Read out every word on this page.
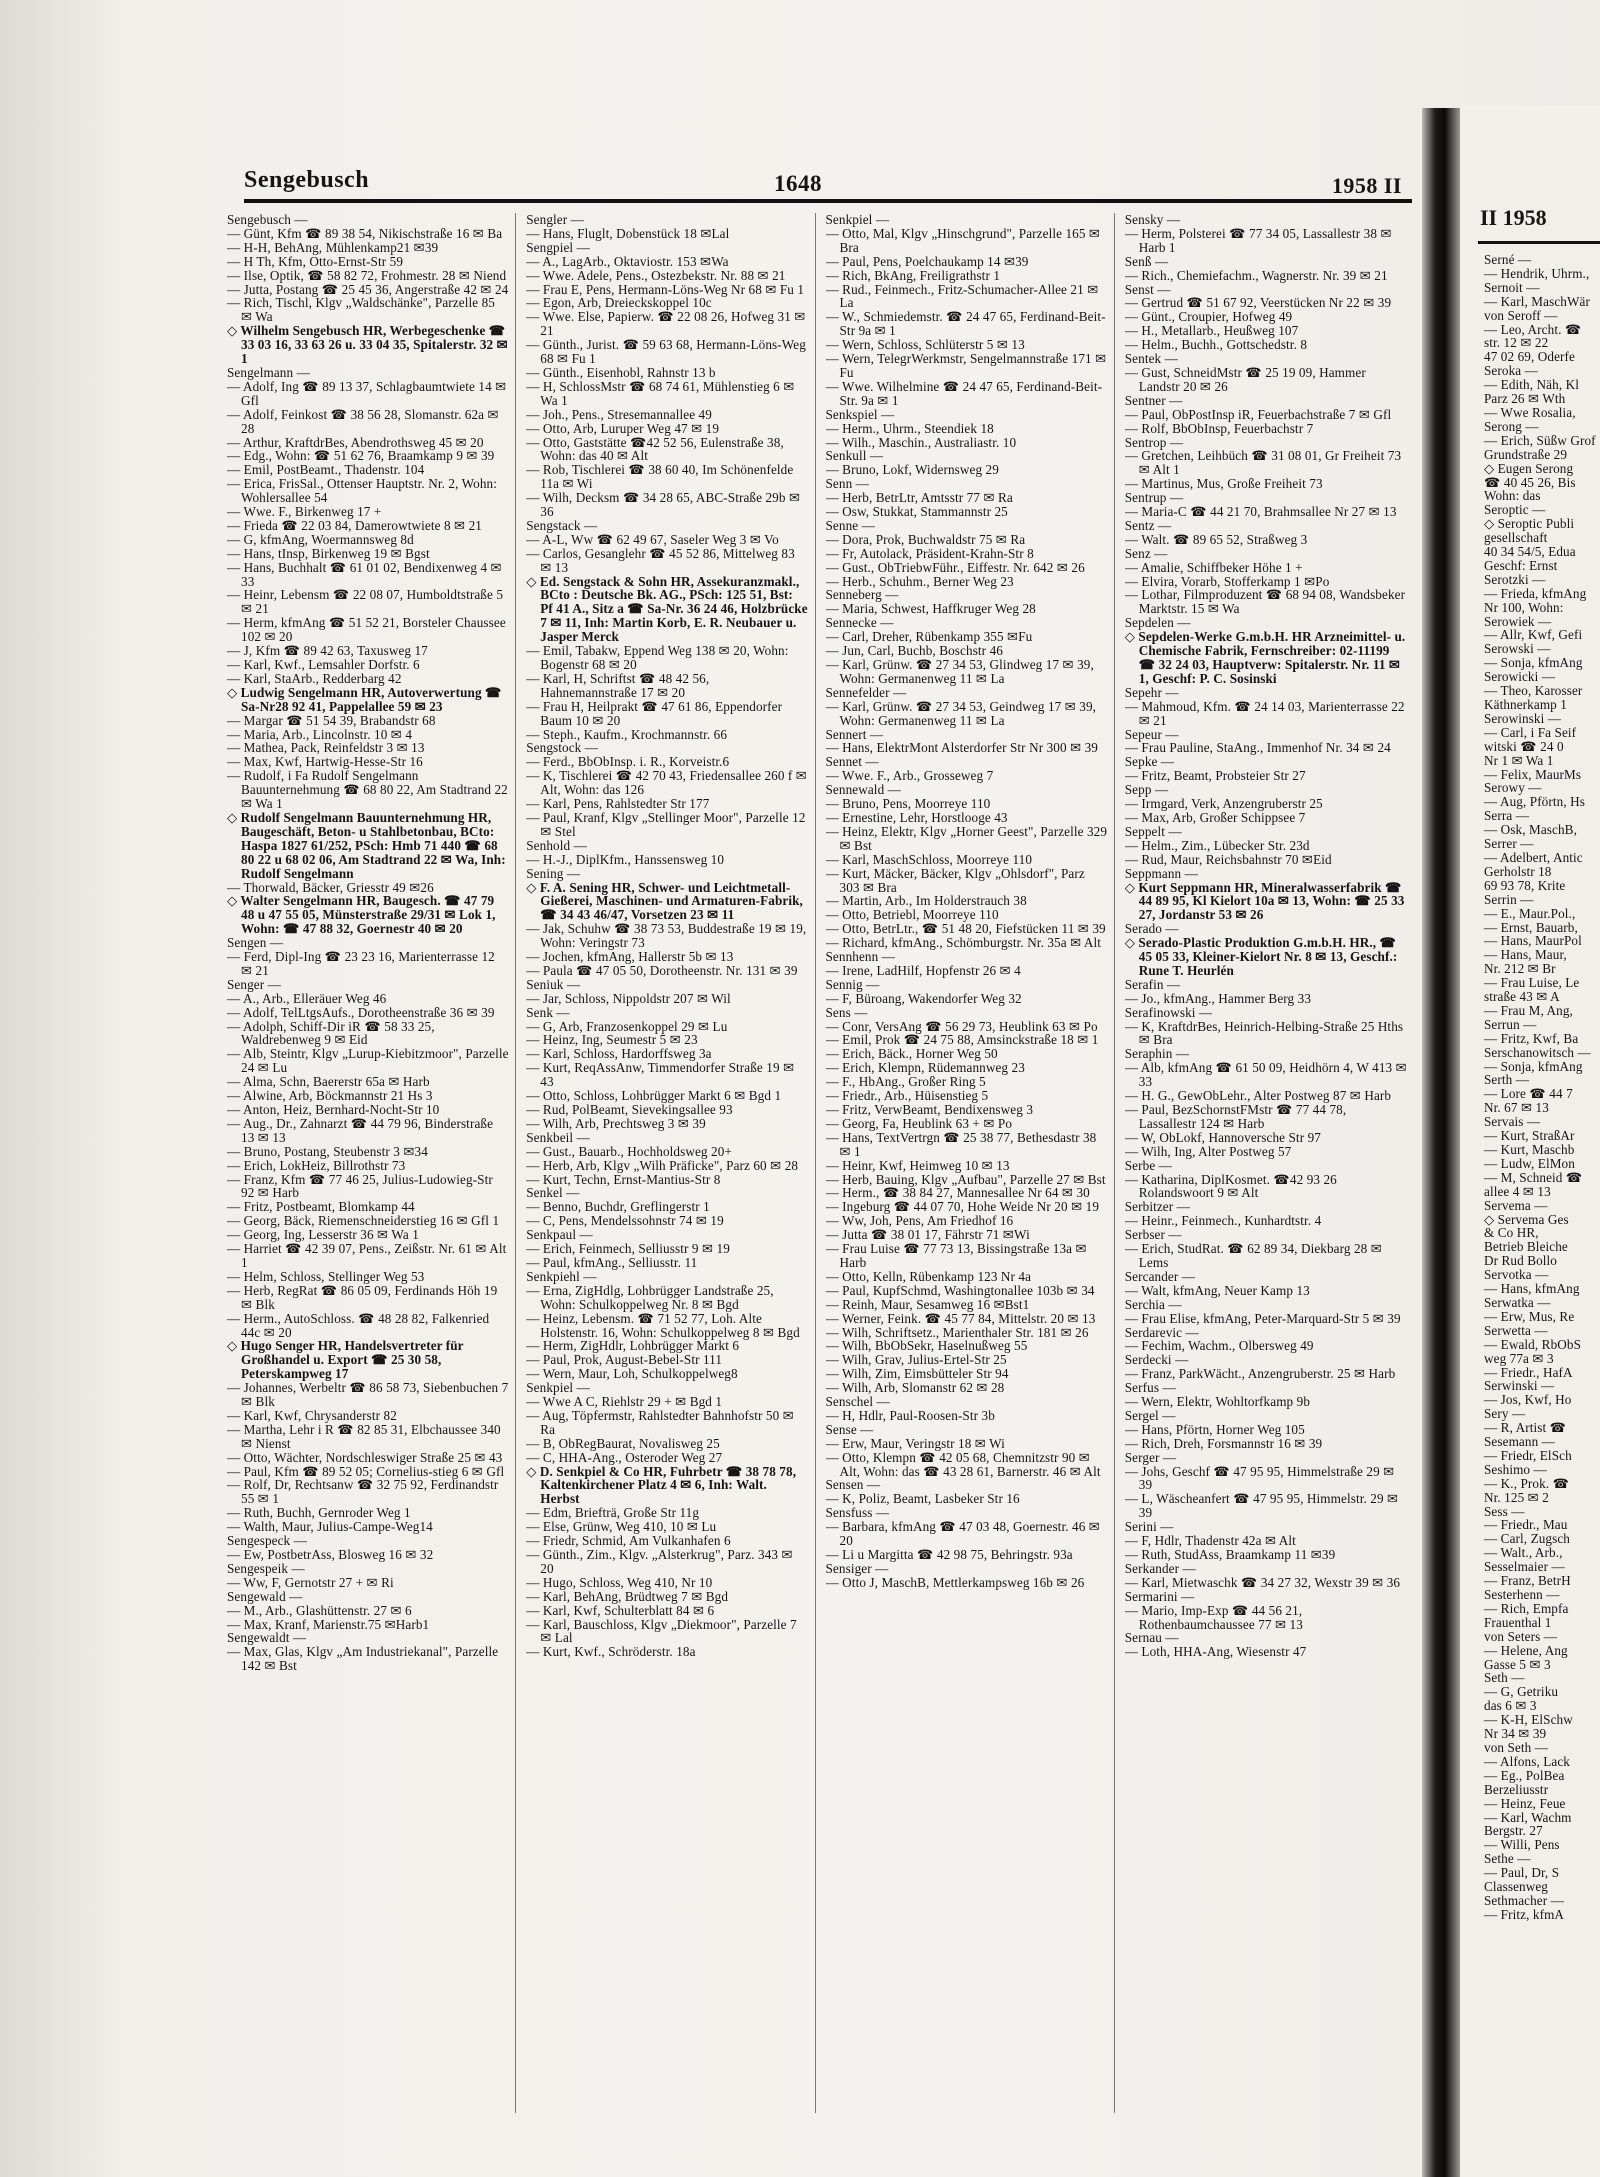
Sengebusch	1648	1958 II
Sengebusch —
— Günt, Kfm ☎ 89 38 54, Nikischstraße 16 ✉ Ba
— H-H, BehAng, Mühlenkamp21 ✉39
— H Th, Kfm, Otto-Ernst-Str 59
— Ilse, Optik, ☎ 58 82 72, Frohmestr. 28 ✉ Niend
— Jutta, Postang ☎ 25 45 36, Angerstraße 42 ✉ 24
— Rich, Tischl, Klgv „Waldschänke", Parzelle 85 ✉ Wa
◇ Wilhelm Sengebusch HR, Werbegeschenke ☎ 33 03 16, 33 63 26 u. 33 04 35, Spitalerstr. 32 ✉ 1
Sengelmann —
— Adolf, Ing ☎ 89 13 37, Schlagbaumtwiete 14 ✉ Gfl
— Adolf, Feinkost ☎ 38 56 28, Slomanstr. 62a ✉ 28
— Arthur, KraftdrBes, Abendrothsweg 45 ✉ 20
— Edg., Wohn: ☎ 51 62 76, Braamkamp 9 ✉ 39
— Emil, PostBeamt., Thadenstr. 104
— Erica, FrisSal., Ottenser Hauptstr. Nr. 2, Wohn: Wohlersallee 54
— Wwe. F., Birkenweg 17 +
— Frieda ☎ 22 03 84, Damerowtwiete 8 ✉ 21
— G, kfmAng, Woermannsweg 8d
— Hans, tInsp, Birkenweg 19 ✉ Bgst
— Hans, Buchhalt ☎ 61 01 02, Bendixenweg 4 ✉ 33
— Heinr, Lebensm ☎ 22 08 07, Humboldtstraße 5 ✉ 21
— Herm, kfmAng ☎ 51 52 21, Borsteler Chaussee 102 ✉ 20
— J, Kfm ☎ 89 42 63, Taxusweg 17
— Karl, Kwf., Lemsahler Dorfstr. 6
— Karl, StaArb., Redderbarg 42
◇ Ludwig Sengelmann HR, Autoverwertung ☎ Sa-Nr28 92 41, Pappelallee 59 ✉ 23
— Margar ☎ 51 54 39, Brabandstr 68
— Maria, Arb., Lincolnstr. 10 ✉ 4
— Mathea, Pack, Reinfeldstr 3 ✉ 13
— Max, Kwf, Hartwig-Hesse-Str 16
— Rudolf, i Fa Rudolf Sengelmann Bauunternehmung ☎ 68 80 22, Am Stadtrand 22 ✉ Wa 1
◇ Rudolf Sengelmann Bauunternehmung HR, Baugeschäft, Beton- u Stahlbetonbau, BCto: Haspa 1827 61/252, PSch: Hmb 71 440 ☎ 68 80 22 u 68 02 06, Am Stadtrand 22 ✉ Wa, Inh: Rudolf Sengelmann
— Thorwald, Bäcker, Griesstr 49 ✉26
◇ Walter Sengelmann HR, Baugesch. ☎ 47 79 48 u 47 55 05, Münsterstraße 29/31 ✉ Lok 1, Wohn: ☎ 47 88 32, Goernestr 40 ✉ 20
Sengen —
— Ferd, Dipl-Ing ☎ 23 23 16, Marienterrasse 12 ✉ 21
Senger —
— A., Arb., Elleräuer Weg 46
— Adolf, TelLtgsAufs., Dorotheenstraße 36 ✉ 39
— Adolph, Schiff-Dir iR ☎ 58 33 25, Waldrebenweg 9 ✉ Eid
— Alb, Steintr, Klgv „Lurup-Kiebitzmoor", Parzelle 24 ✉ Lu
— Alma, Schn, Baererstr 65a ✉ Harb
— Alwine, Arb, Böckmannstr 21 Hs 3
— Anton, Heiz, Bernhard-Nocht-Str 10
— Aug., Dr., Zahnarzt ☎ 44 79 96, Binderstraße 13 ✉ 13
— Bruno, Postang, Steubenstr 3 ✉34
— Erich, LokHeiz, Billrothstr 73
— Franz, Kfm ☎ 77 46 25, Julius-Ludowieg-Str 92 ✉ Harb
— Fritz, Postbeamt, Blomkamp 44
— Georg, Bäck, Riemenschneiderstieg 16 ✉ Gfl 1
— Georg, Ing, Lesserstr 36 ✉ Wa 1
— Harriet ☎ 42 39 07, Pens., Zeißstr. Nr. 61 ✉ Alt 1
— Helm, Schloss, Stellinger Weg 53
— Herb, RegRat ☎ 86 05 09, Ferdinands Höh 19 ✉ Blk
— Herm., AutoSchloss. ☎ 48 28 82, Falkenried 44c ✉ 20
◇ Hugo Senger HR, Handelsvertreter für Großhandel u. Export ☎ 25 30 58, Peterskampweg 17
— Johannes, Werbeltr ☎ 86 58 73, Siebenbuchen 7 ✉ Blk
— Karl, Kwf, Chrysanderstr 82
— Martha, Lehr i R ☎ 82 85 31, Elbchaussee 340 ✉ Nienst
— Otto, Wächter, Nordschleswiger Straße 25 ✉ 43
— Paul, Kfm ☎ 89 52 05; Cornelius-stieg 6 ✉ Gfl
— Rolf, Dr, Rechtsanw ☎ 32 75 92, Ferdinandstr 55 ✉ 1
— Ruth, Buchh, Gernroder Weg 1
— Walth, Maur, Julius-Campe-Weg14
Sengespeck —
— Ew, PostbetrAss, Blosweg 16 ✉ 32
Sengespeik —
— Ww, F, Gernotstr 27 + ✉ Ri
Sengewald —
— M., Arb., Glashüttenstr. 27 ✉ 6
— Max, Kranf, Marienstr.75 ✉Harb1
Sengewaldt —
— Max, Glas, Klgv „Am Industriekanal", Parzelle 142 ✉ Bst
Sengler —
— Hans, Fluglt, Dobenstück 18 ✉Lal
Sengpiel —
— A., LagArb., Oktaviostr. 153 ✉Wa
— Wwe. Adele, Pens., Ostezbekstr. Nr. 88 ✉ 21
— Frau E, Pens, Hermann-Löns-Weg Nr 68 ✉ Fu 1
— Egon, Arb, Dreieckskoppel 10c
— Wwe. Else, Papierw. ☎ 22 08 26, Hofweg 31 ✉ 21
— Günth., Jurist. ☎ 59 63 68, Hermann-Löns-Weg 68 ✉ Fu 1
— Günth., Eisenhobl, Rahnstr 13 b
— H, SchlossMstr ☎ 68 74 61, Mühlenstieg 6 ✉ Wa 1
— Joh., Pens., Stresemannallee 49
— Otto, Arb, Luruper Weg 47 ✉ 19
— Otto, Gaststätte ☎42 52 56, Eulenstraße 38, Wohn: das 40 ✉ Alt
— Rob, Tischlerei ☎ 38 60 40, Im Schönenfelde 11a ✉ Wi
— Wilh, Decksm ☎ 34 28 65, ABC-Straße 29b ✉ 36
Sengstack —
— A-L, Ww ☎ 62 49 67, Saseler Weg 3 ✉ Vo
— Carlos, Gesanglehr ☎ 45 52 86, Mittelweg 83 ✉ 13
◇ Ed. Sengstack & Sohn HR, Assekuranzmakl., BCto : Deutsche Bk. AG., PSch: 125 51, Bst: Pf 41 A., Sitz a ☎ Sa-Nr. 36 24 46, Holzbrücke 7 ✉ 11, Inh: Martin Korb, E. R. Neubauer u. Jasper Merck
— Emil, Tabakw, Eppend Weg 138 ✉ 20, Wohn: Bogenstr 68 ✉ 20
— Karl, H, Schriftst ☎ 48 42 56, Hahnemannstraße 17 ✉ 20
— Frau H, Heilprakt ☎ 47 61 86, Eppendorfer Baum 10 ✉ 20
— Steph., Kaufm., Krochmannstr. 66
Sengstock —
— Ferd., BbObInsp. i. R., Korveistr.6
— K, Tischlerei ☎ 42 70 43, Friedensallee 260 f ✉ Alt, Wohn: das 126
— Karl, Pens, Rahlstedter Str 177
— Paul, Kranf, Klgv „Stellinger Moor", Parzelle 12 ✉ Stel
Senhold —
— H.-J., DiplKfm., Hanssensweg 10
Sening —
◇ F. A. Sening HR, Schwer- und Leichtmetall-Gießerei, Maschinen- und Armaturen-Fabrik, ☎ 34 43 46/47, Vorsetzen 23 ✉ 11
— Jak, Schuhw ☎ 38 73 53, Buddestraße 19 ✉ 19, Wohn: Veringstr 73
— Jochen, kfmAng, Hallerstr 5b ✉ 13
— Paula ☎ 47 05 50, Dorotheenstr. Nr. 131 ✉ 39
Seniuk —
— Jar, Schloss, Nippoldstr 207 ✉ Wil
Senk —
— G, Arb, Franzosenkoppel 29 ✉ Lu
— Heinz, Ing, Seumestr 5 ✉ 23
— Karl, Schloss, Hardorffsweg 3a
— Kurt, ReqAssAnw, Timmendorfer Straße 19 ✉ 43
— Otto, Schloss, Lohbrügger Markt 6 ✉ Bgd 1
— Rud, PolBeamt, Sievekingsallee 93
— Wilh, Arb, Prechtsweg 3 ✉ 39
Senkbeil —
— Gust., Bauarb., Hochholdsweg 20+
— Herb, Arb, Klgv „Wilh Präficke", Parz 60 ✉ 28
— Kurt, Techn, Ernst-Mantius-Str 8
Senkel —
— Benno, Buchdr, Greflingerstr 1
— C, Pens, Mendelssohnstr 74 ✉ 19
Senkpaul —
— Erich, Feinmech, Selliusstr 9 ✉ 19
— Paul, kfmAng., Selliusstr. 11
Senkpiehl —
— Erna, ZigHdlg, Lohbrügger Landstraße 25, Wohn: Schulkoppelweg Nr. 8 ✉ Bgd
— Heinz, Lebensm. ☎ 71 52 77, Loh. Alte Holstenstr. 16, Wohn: Schulkoppelweg 8 ✉ Bgd
— Herm, ZigHdlr, Lohbrügger Markt 6
— Paul, Prok, August-Bebel-Str 111
— Wern, Maur, Loh, Schulkoppelweg8
Senkpiel —
— Wwe A C, Riehlstr 29 + ✉ Bgd 1
— Aug, Töpfermstr, Rahlstedter Bahnhofstr 50 ✉ Ra
— B, ObRegBaurat, Novalisweg 25
— C, HHA-Ang., Osteroder Weg 27
◇ D. Senkpiel & Co HR, Fuhrbetr ☎ 38 78 78, Kaltenkirchener Platz 4 ✉ 6, Inh: Walt. Herbst
— Edm, Briefträ, Große Str 11g
— Else, Grünw, Weg 410, 10 ✉ Lu
— Friedr, Schmid, Am Vulkanhafen 6
— Günth., Zim., Klgv. „Alsterkrug", Parz. 343 ✉ 20
— Hugo, Schloss, Weg 410, Nr 10
— Karl, BehAng, Brüdtweg 7 ✉ Bgd
— Karl, Kwf, Schulterblatt 84 ✉ 6
— Karl, Bauschloss, Klgv „Diekmoor", Parzelle 7 ✉ Lal
— Kurt, Kwf., Schröderstr. 18a
Senkpiel —
— Otto, Mal, Klgv „Hinschgrund", Parzelle 165 ✉ Bra
— Paul, Pens, Poelchaukamp 14 ✉39
— Rich, BkAng, Freiligrathstr 1
— Rud., Feinmech., Fritz-Schumacher-Allee 21 ✉ La
— W., Schmiedemstr. ☎ 24 47 65, Ferdinand-Beit-Str 9a ✉ 1
— Wern, Schloss, Schlüterstr 5 ✉ 13
— Wern, TelegrWerkmstr, Sengelmannstraße 171 ✉ Fu
— Wwe. Wilhelmine ☎ 24 47 65, Ferdinand-Beit-Str. 9a ✉ 1
Senkspiel —
— Herm., Uhrm., Steendiek 18
— Wilh., Maschin., Australiastr. 10
Senkull —
— Bruno, Lokf, Widernsweg 29
Senn —
— Herb, BetrLtr, Amtsstr 77 ✉ Ra
— Osw, Stukkat, Stammannstr 25
Senne —
— Dora, Prok, Buchwaldstr 75 ✉ Ra
— Fr, Autolack, Präsident-Krahn-Str 8
— Gust., ObTriebwFühr., Eiffestr. Nr. 642 ✉ 26
— Herb., Schuhm., Berner Weg 23
Senneberg —
— Maria, Schwest, Haffkruger Weg 28
Sennecke —
— Carl, Dreher, Rübenkamp 355 ✉Fu
— Jun, Carl, Buchb, Boschstr 46
— Karl, Grünw. ☎ 27 34 53, Glindweg 17 ✉ 39, Wohn: Germanenweg 11 ✉ La
Sennefelder —
— Karl, Grünw. ☎ 27 34 53, Geindweg 17 ✉ 39, Wohn: Germanenweg 11 ✉ La
Sennert —
— Hans, ElektrMont Alsterdorfer Str Nr 300 ✉ 39
Sennet —
— Wwe. F., Arb., Grosseweg 7
Sennewald —
— Bruno, Pens, Moorreye 110
— Ernestine, Lehr, Horstlooge 43
— Heinz, Elektr, Klgv „Horner Geest", Parzelle 329 ✉ Bst
— Karl, MaschSchloss, Moorreye 110
— Kurt, Mäcker, Bäcker, Klgv „Ohlsdorf", Parz 303 ✉ Bra
— Martin, Arb., Im Holderstrauch 38
— Otto, Betriebl, Moorreye 110
— Otto, BetrLtr., ☎ 51 48 20, Fiefstücken 11 ✉ 39
— Richard, kfmAng., Schömburgstr. Nr. 35a ✉ Alt
Sennhenn —
— Irene, LadHilf, Hopfenstr 26 ✉ 4
Sennig —
— F, Büroang, Wakendorfer Weg 32
Sens —
— Conr, VersAng ☎ 56 29 73, Heublink 63 ✉ Po
— Emil, Prok ☎ 24 75 88, Amsinckstraße 18 ✉ 1
— Erich, Bäck., Horner Weg 50
— Erich, Klempn, Rüdemannweg 23
— F., HbAng., Großer Ring 5
— Friedr., Arb., Hüisenstieg 5
— Fritz, VerwBeamt, Bendixensweg 3
— Georg, Fa, Heublink 63 + ✉ Po
— Hans, TextVertrgn ☎ 25 38 77, Bethesdastr 38 ✉ 1
— Heinr, Kwf, Heimweg 10 ✉ 13
— Herb, Bauing, Klgv „Aufbau", Parzelle 27 ✉ Bst
— Herm., ☎ 38 84 27, Mannesallee Nr 64 ✉ 30
— Ingeburg ☎ 44 07 70, Hohe Weide Nr 20 ✉ 19
— Ww, Joh, Pens, Am Friedhof 16
— Jutta ☎ 38 01 17, Fährstr 71 ✉Wi
— Frau Luise ☎ 77 73 13, Bissingstraße 13a ✉ Harb
— Otto, Kelln, Rübenkamp 123 Nr 4a
— Paul, KupfSchmd, Washingtonallee 103b ✉ 34
— Reinh, Maur, Sesamweg 16 ✉Bst1
— Werner, Feink. ☎ 45 77 84, Mittelstr. 20 ✉ 13
— Wilh, Schriftsetz., Marienthaler Str. 181 ✉ 26
— Wilh, BbObSekr, Haselnußweg 55
— Wilh, Grav, Julius-Ertel-Str 25
— Wilh, Zim, Eimsbütteler Str 94
— Wilh, Arb, Slomanstr 62 ✉ 28
Senschel —
— H, Hdlr, Paul-Roosen-Str 3b
Sense —
— Erw, Maur, Veringstr 18 ✉ Wi
— Otto, Klempn ☎ 42 05 68, Chemnitzstr 90 ✉ Alt, Wohn: das ☎ 43 28 61, Barnerstr. 46 ✉ Alt
Sensen —
— K, Poliz, Beamt, Lasbeker Str 16
Sensfuss —
— Barbara, kfmAng ☎ 47 03 48, Goernestr. 46 ✉ 20
— Li u Margitta ☎ 42 98 75, Behringstr. 93a
Sensiger —
— Otto J, MaschB, Mettlerkampsweg 16b ✉ 26
Sensky —
— Herm, Polsterei ☎ 77 34 05, Lassallestr 38 ✉ Harb 1
Senß —
— Rich., Chemiefachm., Wagnerstr. Nr. 39 ✉ 21
Senst —
— Gertrud ☎ 51 67 92, Veerstücken Nr 22 ✉ 39
— Günt., Croupier, Hofweg 49
— H., Metallarb., Heußweg 107
— Helm., Buchh., Gottschedstr. 8
Sentek —
— Gust, SchneidMstr ☎ 25 19 09, Hammer Landstr 20 ✉ 26
Sentner —
— Paul, ObPostInsp iR, Feuerbachstraße 7 ✉ Gfl
— Rolf, BbObInsp, Feuerbachstr 7
Sentrop —
— Gretchen, Leihbüch ☎ 31 08 01, Gr Freiheit 73 ✉ Alt 1
— Martinus, Mus, Große Freiheit 73
Sentrup —
— Maria-C ☎ 44 21 70, Brahmsallee Nr 27 ✉ 13
Sentz —
— Walt. ☎ 89 65 52, Straßweg 3
Senz —
— Amalie, Schiffbeker Höhe 1 +
— Elvira, Vorarb, Stofferkamp 1 ✉Po
— Lothar, Filmproduzent ☎ 68 94 08, Wandsbeker Marktstr. 15 ✉ Wa
Sepdelen —
◇ Sepdelen-Werke G.m.b.H. HR Arzneimittel- u. Chemische Fabrik, Fernschreiber: 02-11199 ☎ 32 24 03, Hauptverw: Spitalerstr. Nr. 11 ✉ 1, Geschf: P. C. Sosinski
Sepehr —
— Mahmoud, Kfm. ☎ 24 14 03, Marienterrasse 22 ✉ 21
Sepeur —
— Frau Pauline, StaAng., Immenhof Nr. 34 ✉ 24
Sepke —
— Fritz, Beamt, Probsteier Str 27
Sepp —
— Irmgard, Verk, Anzengruberstr 25
— Max, Arb, Großer Schippsee 7
Seppelt —
— Helm., Zim., Lübecker Str. 23d
— Rud, Maur, Reichsbahnstr 70 ✉Eid
Seppmann —
◇ Kurt Seppmann HR, Mineralwasserfabrik ☎ 44 89 95, Kl Kielort 10a ✉ 13, Wohn: ☎ 25 33 27, Jordanstr 53 ✉ 26
Serado —
◇ Serado-Plastic Produktion G.m.b.H. HR., ☎ 45 05 33, Kleiner-Kielort Nr. 8 ✉ 13, Geschf.: Rune T. Heurlén
Serafin —
— Jo., kfmAng., Hammer Berg 33
Serafinowski —
— K, KraftdrBes, Heinrich-Helbing-Straße 25 Hths ✉ Bra
Seraphin —
— Alb, kfmAng ☎ 61 50 09, Heidhörn 4, W 413 ✉ 33
— H. G., GewObLehr., Alter Postweg 87 ✉ Harb
— Paul, BezSchornstFMstr ☎ 77 44 78, Lassallestr 124 ✉ Harb
— W, ObLokf, Hannoversche Str 97
— Wilh, Ing, Alter Postweg 57
Serbe —
— Katharina, DiplKosmet. ☎42 93 26 Rolandswoort 9 ✉ Alt
Serbitzer —
— Heinr., Feinmech., Kunhardtstr. 4
Serbser —
— Erich, StudRat. ☎ 62 89 34, Diekbarg 28 ✉ Lems
Sercander —
— Walt, kfmAng, Neuer Kamp 13
Serchia —
— Frau Elise, kfmAng, Peter-Marquard-Str 5 ✉ 39
Serdarevic —
— Fechim, Wachm., Olbersweg 49
Serdecki —
— Franz, ParkWächt., Anzengruberstr. 25 ✉ Harb
Serfus —
— Wern, Elektr, Wohltorfkamp 9b
Sergel —
— Hans, Pförtn, Horner Weg 105
— Rich, Dreh, Forsmannstr 16 ✉ 39
Serger —
— Johs, Geschf ☎ 47 95 95, Himmelstraße 29 ✉ 39
— L, Wäscheanfert ☎ 47 95 95, Himmelstr. 29 ✉ 39
Serini —
— F, Hdlr, Thadenstr 42a ✉ Alt
— Ruth, StudAss, Braamkamp 11 ✉39
Serkander —
— Karl, Mietwaschk ☎ 34 27 32, Wexstr 39 ✉ 36
Sermarini —
— Mario, Imp-Exp ☎ 44 56 21, Rothenbaumchaussee 77 ✉ 13
Sernau —
— Loth, HHA-Ang, Wiesenstr 47
II 1958
Serné —
— Hendrik, Uhrm.,
Sernoit —
— Karl, MaschWär
von Seroff —
— Leo, Archt. ☎
str. 12 ✉ 22
47 02 69, Oderfe
Seroka —
— Edith, Näh, Kl
Parz 26 ✉ Wth
— Wwe Rosalia,
Serong —
— Erich, Süßw Grof
Grundstraße 29
◇ Eugen Serong
☎ 40 45 26, Bis
Wohn: das
Seroptic —
◇ Seroptic Publi
gesellschaft
40 34 54/5, Edua
Geschf: Ernst
Serotzki —
— Frieda, kfmAng
Nr 100, Wohn:
Serowiek —
— Allr, Kwf, Gefi
Serowski —
— Sonja, kfmAng
Serowicki —
— Theo, Karosser
Käthnerkamp 1
Serowinski —
— Carl, i Fa Seif
witski ☎ 24 0
Nr 1 ✉ Wa 1
— Felix, MaurMs
Serowy —
— Aug, Pförtn, Hs
Serra —
— Osk, MaschB,
Serrer —
— Adelbert, Antic
Gerholstr 18
69 93 78, Krite
Serrin —
— E., Maur.Pol.,
— Ernst, Bauarb,
— Hans, MaurPol
— Hans, Maur,
Nr. 212 ✉ Br
— Frau Luise, Le
straße 43 ✉ A
— Frau M, Ang,
Serrun —
— Fritz, Kwf, Ba
Serschanowitsch —
— Sonja, kfmAng
Serth —
— Lore ☎ 44 7
Nr. 67 ✉ 13
Servais —
— Kurt, StraßAr
— Kurt, Maschb
— Ludw, ElMon
— M, Schneid ☎
allee 4 ✉ 13
Servema —
◇ Servema Ges
& Co HR,
Betrieb Bleiche
Dr Rud Bollo
Servotka —
— Hans, kfmAng
Serwatka —
— Erw, Mus, Re
Serwetta —
— Ewald, RbObS
weg 77a ✉ 3
— Friedr., HafA
Serwinski —
— Jos, Kwf, Ho
Sery —
— R, Artist ☎
Sesemann —
— Friedr, ElSch
Seshimo —
— K., Prok. ☎
Nr. 125 ✉ 2
Sess —
— Friedr., Mau
— Carl, Zugsch
— Walt., Arb.,
Sesselmaier —
— Franz, BetrH
Sesterhenn —
— Rich, Empfa
Frauenthal 1
von Seters —
— Helene, Ang
Gasse 5 ✉ 3
Seth —
— G, Getriku
das 6 ✉ 3
— K-H, ElSchw
Nr 34 ✉ 39
von Seth —
— Alfons, Lack
— Eg., PolBea
Berzeliusstr
— Heinz, Feue
— Karl, Wachm
Bergstr. 27
— Willi, Pens
Sethe —
— Paul, Dr, S
Classenweg
Sethmacher —
— Fritz, kfmA
